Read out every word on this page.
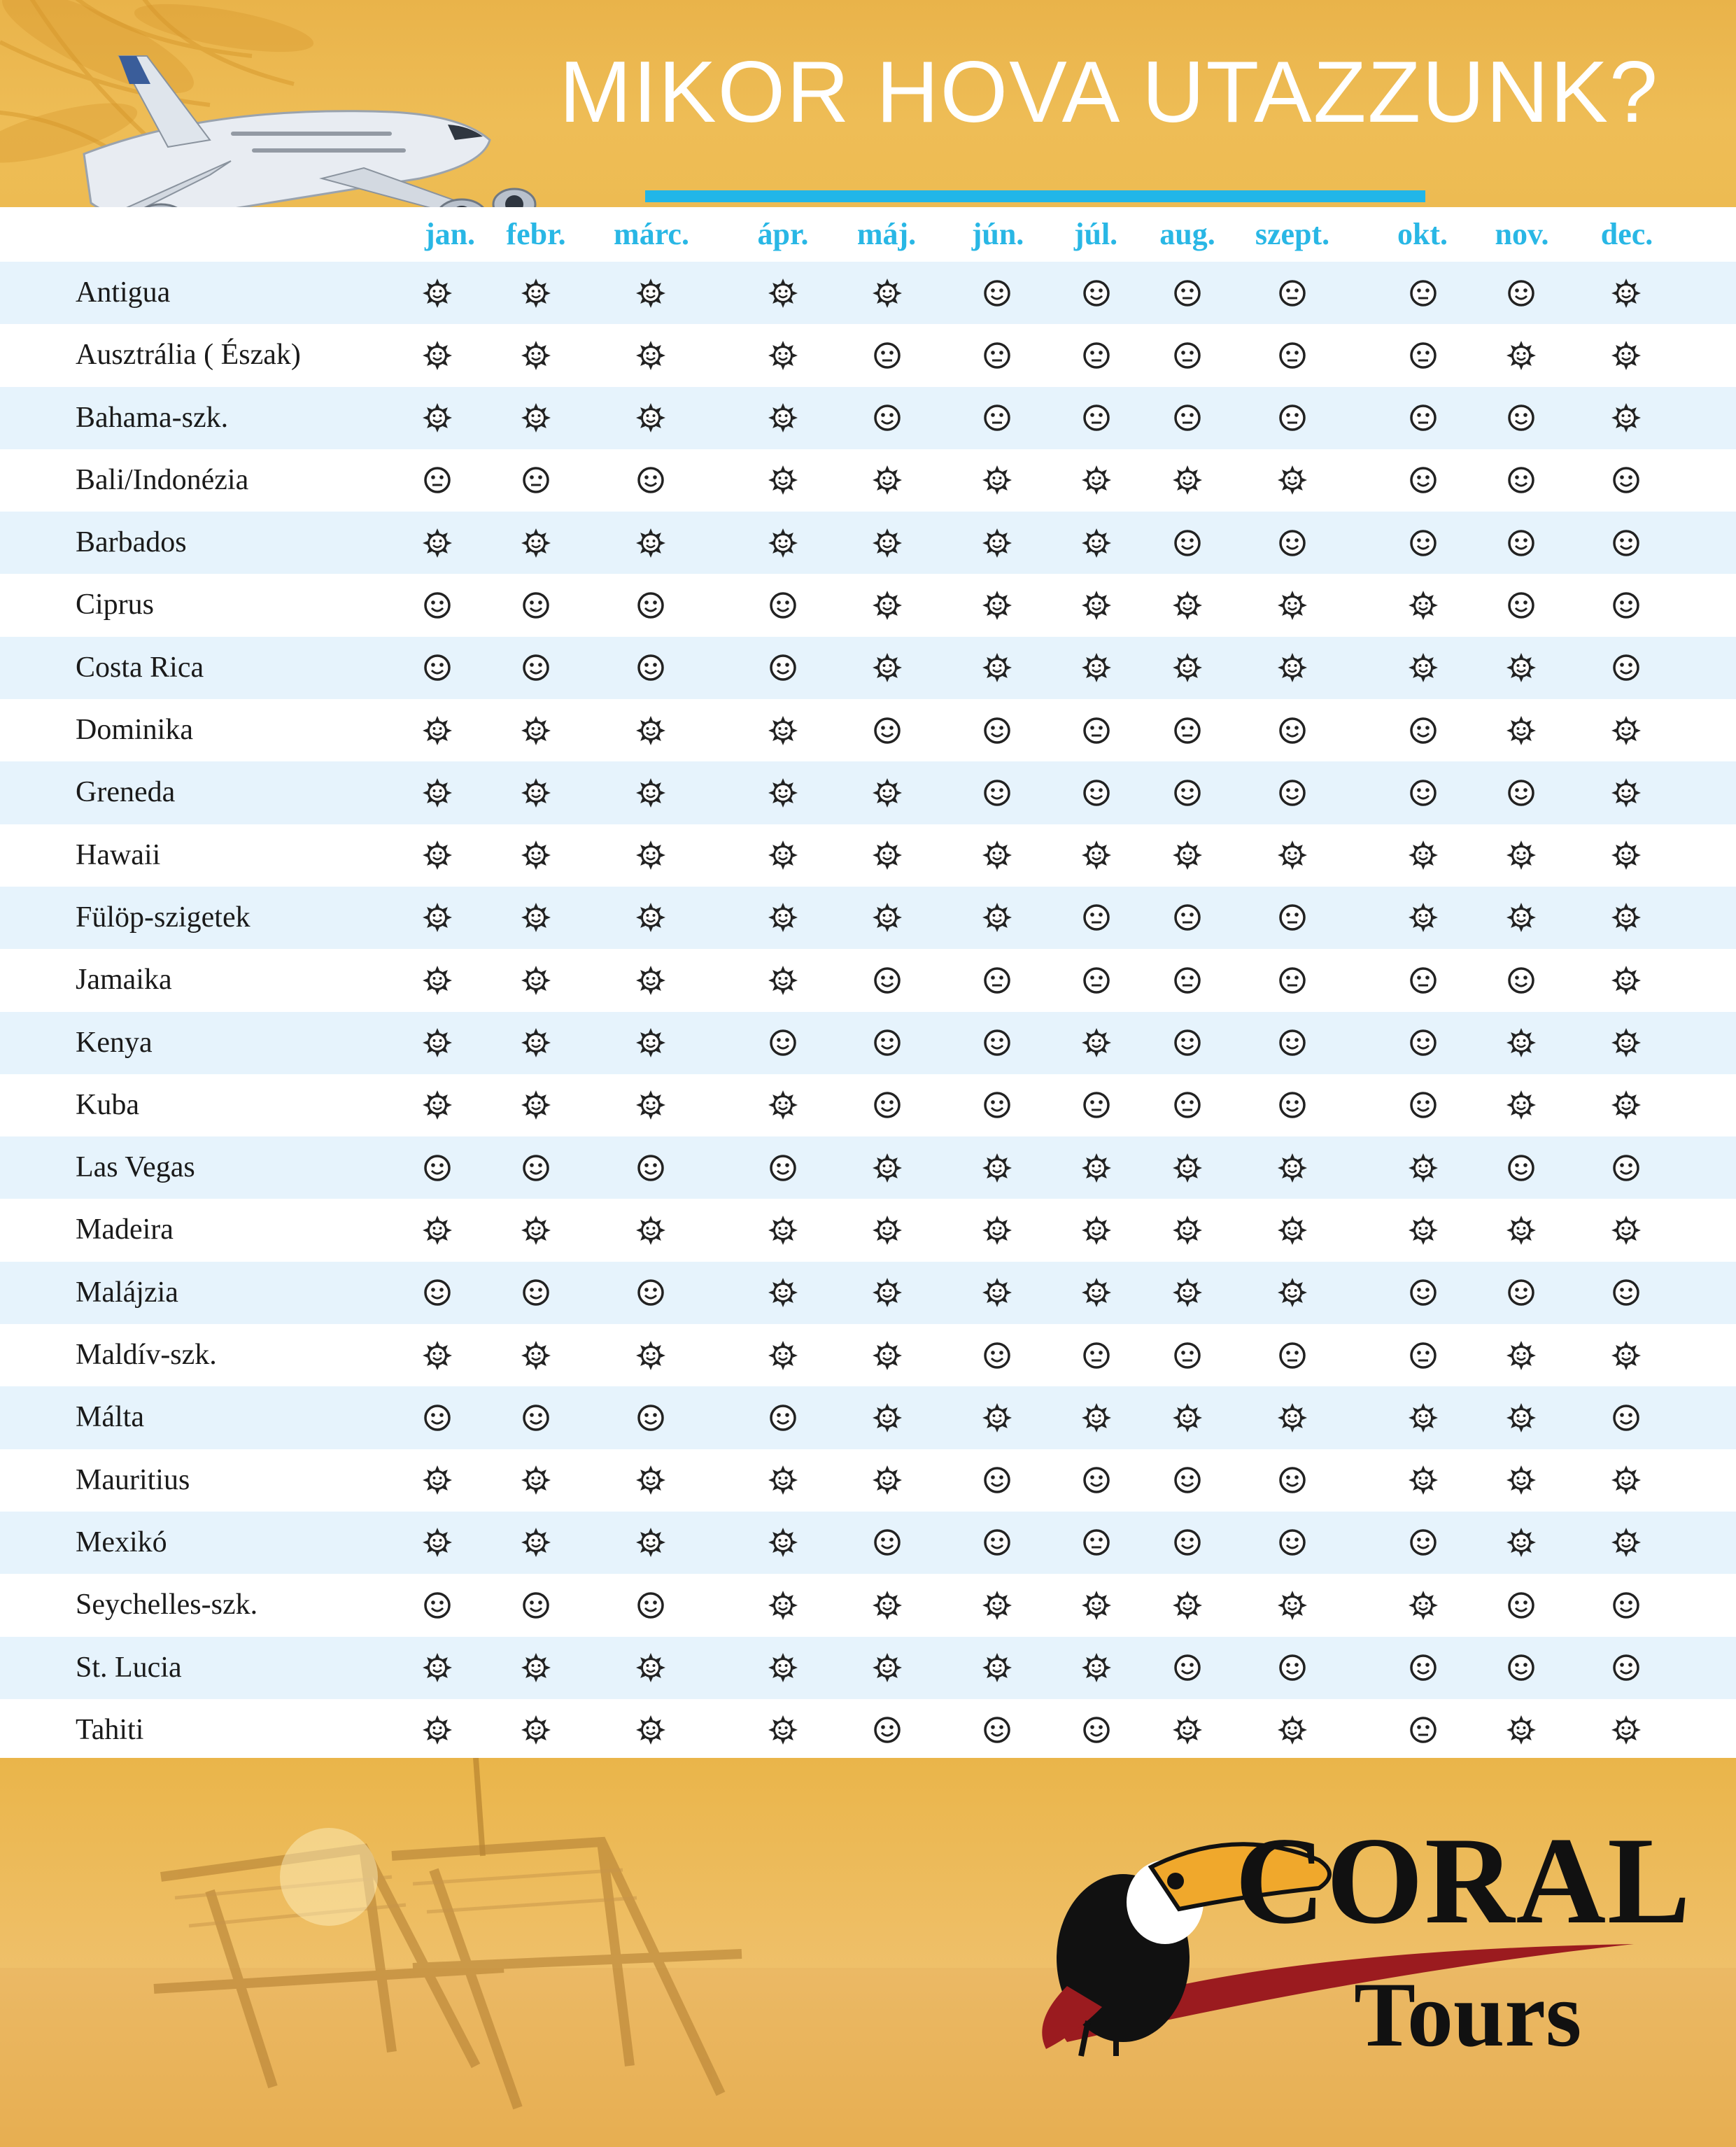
MIKOR HOVA UTAZZUNK?
jan. febr. márc. ápr. máj. jún. júl. aug. szept. okt. nov. dec.
Antigua
Ausztrália ( Észak)
Bahama-szk.
Bali/Indonézia
Barbados
Ciprus
Costa Rica
Dominika
Greneda
Hawaii
Fülöp-szigetek
Jamaika
Kenya
Kuba
Las Vegas
Madeira
Malájzia
Maldív-szk.
Málta
Mauritius
Mexikó
Seychelles-szk.
St. Lucia
Tahiti
CORAL
Tours
